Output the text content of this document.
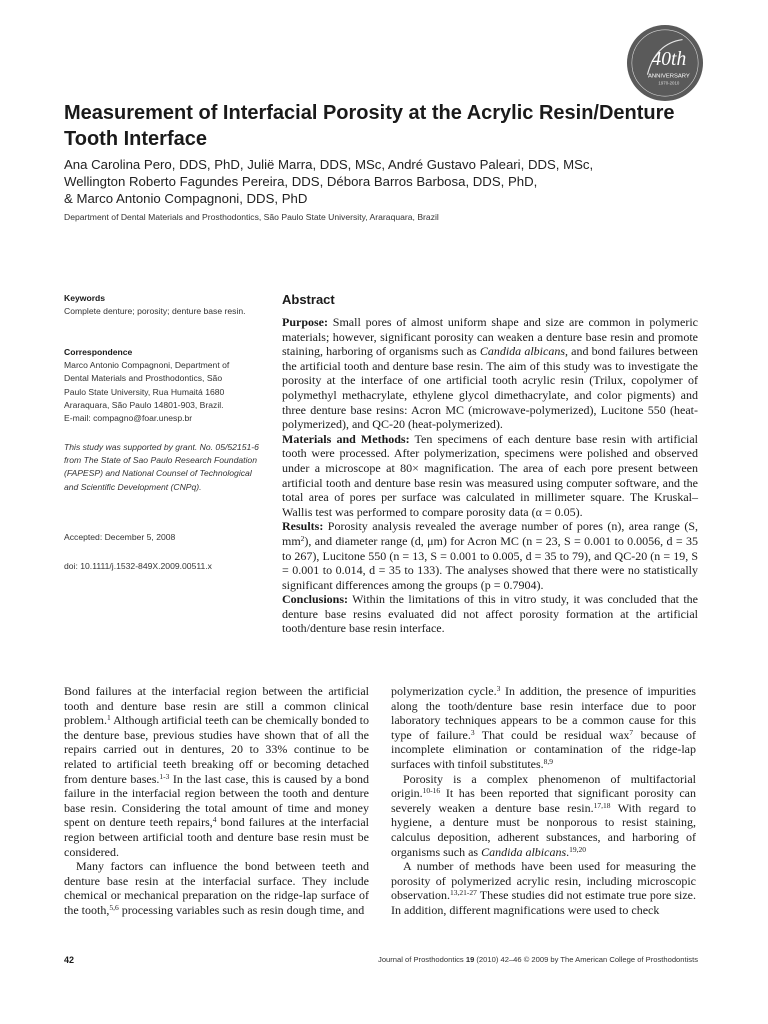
40th
ANNIVERSARY
1970-2010
Measurement of Interfacial Porosity at the Acrylic Resin/Denture Tooth Interface
Ana Carolina Pero, DDS, PhD, Julië Marra, DDS, MSc, André Gustavo Paleari, DDS, MSc,
Wellington Roberto Fagundes Pereira, DDS, Débora Barros Barbosa, DDS, PhD,
& Marco Antonio Compagnoni, DDS, PhD
Department of Dental Materials and Prosthodontics, São Paulo State University, Araraquara, Brazil
Keywords
Complete denture; porosity; denture base resin.
Correspondence
Marco Antonio Compagnoni, Department of
Dental Materials and Prosthodontics, São
Paulo State University, Rua Humaitá 1680
Araraquara, São Paulo 14801-903, Brazil.
E-mail: compagno@foar.unesp.br
This study was supported by grant. No. 05/52151-6 from The State of Sao Paulo Research Foundation (FAPESP) and National Counsel of Technological and Scientific Development (CNPq).
Accepted: December 5, 2008
doi: 10.1111/j.1532-849X.2009.00511.x
Abstract

Purpose: Small pores of almost uniform shape and size are common in polymeric materials; however, significant porosity can weaken a denture base resin and promote staining, harboring of organisms such as Candida albicans, and bond failures between the artificial tooth and denture base resin. The aim of this study was to investigate the porosity at the interface of one artificial tooth acrylic resin (Trilux, copolymer of polymethyl methacrylate, ethylene glycol dimethacrylate, and color pigments) and three denture base resins: Acron MC (microwave-polymerized), Lucitone 550 (heat-polymerized), and QC-20 (heat-polymerized).

Materials and Methods: Ten specimens of each denture base resin with artificial tooth were processed. After polymerization, specimens were polished and observed under a microscope at 80× magnification. The area of each pore present between artificial tooth and denture base resin was measured using computer software, and the total area of pores per surface was calculated in millimeter square. The Kruskal–Wallis test was performed to compare porosity data (α = 0.05).

Results: Porosity analysis revealed the average number of pores (n), area range (S, $mm^2$), and diameter range (d, μm) for Acron MC (n = 23, S = 0.001 to 0.0056, d = 35 to 267), Lucitone 550 (n = 13, S = 0.001 to 0.005, d = 35 to 79), and QC-20 (n = 19, S = 0.001 to 0.014, d = 35 to 133). The analyses showed that there were no statistically significant differences among the groups (p = 0.7904).

Conclusions: Within the limitations of this in vitro study, it was concluded that the denture base resins evaluated did not affect porosity formation at the artificial tooth/denture base resin interface.

Bond failures at the interfacial region between the artificial tooth and denture base resin are still a common clinical problem.$^1$ Although artificial teeth can be chemically bonded to the denture base, previous studies have shown that of all the repairs carried out in dentures, 20 to 33% continue to be related to artificial teeth breaking off or becoming detached from denture bases.$^{1-3}$ In the last case, this is caused by a bond failure in the interfacial region between the tooth and denture base resin. Considering the total amount of time and money spent on denture teeth repairs,$^4$ bond failures at the interfacial region between artificial tooth and denture base resin must be considered.

Many factors can influence the bond between teeth and denture base resin at the interfacial surface. They include chemical or mechanical preparation on the ridge-lap surface of the tooth,$^{5,6}$ processing variables such as resin dough time, and

polymerization cycle.$^3$ In addition, the presence of impurities along the tooth/denture base resin interface due to poor laboratory techniques appears to be a common cause for this type of failure.$^3$ That could be residual wax$^7$ because of incomplete elimination or contamination of the ridge-lap surfaces with tinfoil substitutes.$^{8,9}$

Porosity is a complex phenomenon of multifactorial origin.$^{10-16}$ It has been reported that significant porosity can severely weaken a denture base resin.$^{17,18}$ With regard to hygiene, a denture must be nonporous to resist staining, calculus deposition, adherent substances, and harboring of organisms such as Candida albicans.$^{19,20}$

A number of methods have been used for measuring the porosity of polymerized acrylic resin, including microscopic observation.$^{13,21-27}$ These studies did not estimate true pore size. In addition, different magnifications were used to check

42	Journal of Prosthodontics 19 (2010) 42–46 © 2009 by The American College of Prosthodontists
